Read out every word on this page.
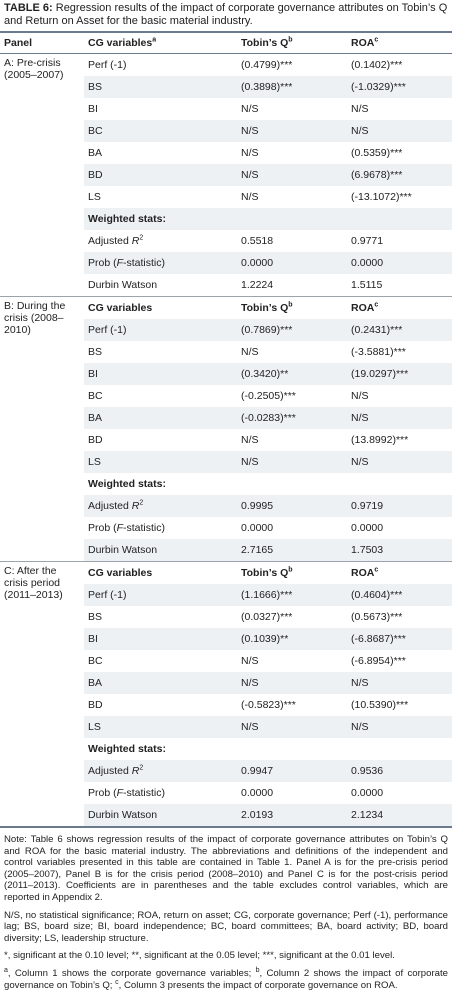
TABLE 6: Regression results of the impact of corporate governance attributes on Tobin’s Q and Return on Asset for the basic material industry.
Panel	CG variables$^a$	Tobin’s $Q^b$	ROA$^c$
A: Pre-crisis (2005–2007)	Perf (-1)	(0.4799)***	(0.1402)***
	BS	(0.3898)***	(-1.0329)***
	BI	N/S	N/S
	BC	N/S	N/S
	BA	N/S	(0.5359)***
	BD	N/S	(6.9678)***
	LS	N/S	(-13.1072)***
	Weighted stats:		
	Adjusted $R^2$	0.5518	0.9771
	Prob (F-statistic)	0.0000	0.0000
	Durbin Watson	1.2224	1.5115
B: During the crisis (2008–2010)	CG variables	Tobin’s $Q^b$	ROA$^c$
	Perf (-1)	(0.7869)***	(0.2431)***
	BS	N/S	(-3.5881)***
	BI	(0.3420)**	(19.0297)***
	BC	(-0.2505)***	N/S
	BA	(-0.0283)***	N/S
	BD	N/S	(13.8992)***
	LS	N/S	N/S
	Weighted stats:		
	Adjusted $R^2$	0.9995	0.9719
	Prob (F-statistic)	0.0000	0.0000
	Durbin Watson	2.7165	1.7503
C: After the crisis period (2011–2013)	CG variables	Tobin’s $Q^b$	ROA$^c$
	Perf (-1)	(1.1666)***	(0.4604)***
	BS	(0.0327)***	(0.5673)***
	BI	(0.1039)**	(-6.8687)***
	BC	N/S	(-6.8954)***
	BA	N/S	N/S
	BD	(-0.5823)***	(10.5390)***
	LS	N/S	N/S
	Weighted stats:		
	Adjusted $R^2$	0.9947	0.9536
	Prob (F-statistic)	0.0000	0.0000
	Durbin Watson	2.0193	2.1234

Note: Table 6 shows regression results of the impact of corporate governance attributes on Tobin’s Q and ROA for the basic material industry. The abbreviations and definitions of the independent and control variables presented in this table are contained in Table 1. Panel A is for the pre-crisis period (2005–2007), Panel B is for the crisis period (2008–2010) and Panel C is for the post-crisis period (2011–2013). Coefficients are in parentheses and the table excludes control variables, which are reported in Appendix 2.

N/S, no statistical significance; ROA, return on asset; CG, corporate governance; Perf (-1), performance lag; BS, board size; BI, board independence; BC, board committees; BA, board activity; BD, board diversity; LS, leadership structure.

*, significant at the 0.10 level; **, significant at the 0.05 level; ***, significant at the 0.01 level.

$^a$, Column 1 shows the corporate governance variables; $^b$, Column 2 shows the impact of corporate governance on Tobin’s Q; $^c$, Column 3 presents the impact of corporate governance on ROA.
